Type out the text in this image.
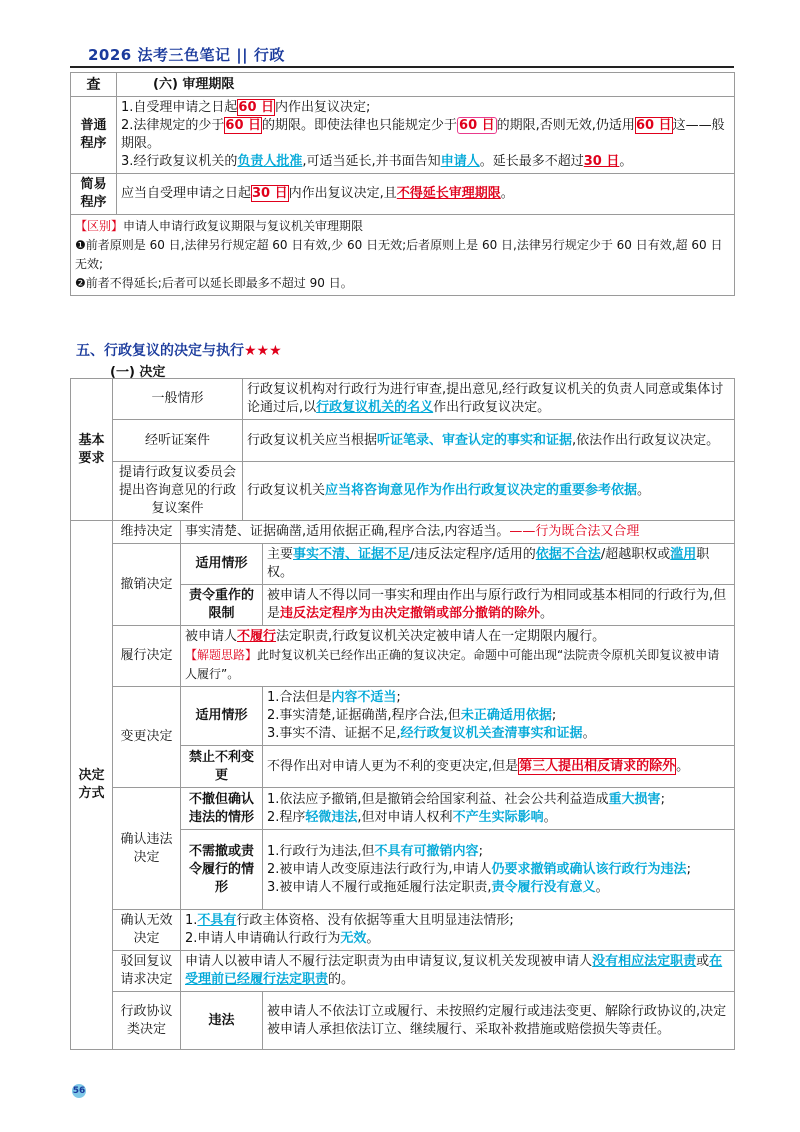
2026 法考三色笔记 || 行政
查	(六) 审理期限
普通程序	1.自受理申请之日起60 日内作出复议决定;
2.法律规定的少于60 日的期限。即使法律也只能规定少于 60 日 的期限,否则无效,仍适用60 日这——般期限。
3.经行政复议机关的负责人批准,可适当延长,并书面告知申请人。延长最多不超过30 日。

简易程序	应当自受理申请之日起30 日内作出复议决定,且不得延长审理期限。

【区别】申请人申请行政复议期限与复议机关审理期限
❶前者原则是 60 日,法律另行规定超 60 日有效,少 60 日无效;后者原则上是 60 日,法律另行规定少于 60 日有效,超 60 日无效;
❷前者不得延长;后者可以延长即最多不超过 90 日。	
五、行政复议的决定与执行★★★
(一) 决定
基本要求	一般情形	行政复议机构对行政行为进行审查,提出意见,经行政复议机关的负责人同意或集体讨论通过后,以行政复议机关的名义作出行政复议决定。
	经听证案件	行政复议机关应当根据听证笔录、审查认定的事实和证据,依法作出行政复议决定。
	提请行政复议委员会提出咨询意见的行政复议案件	行政复议机关应当将咨询意见作为作出行政复议决定的重要参考依据。
决定方式	维持决定	事实清楚、证据确凿,适用依据正确,程序合法,内容适当。——行为既合法又合理	
	撤销决定	适用情形	主要事实不清、证据不足/违反法定程序/适用的依据不合法/超越职权或滥用职权。
		责令重作的限制	被申请人不得以同一事实和理由作出与原行政行为相同或基本相同的行政行为,但是违反法定程序为由决定撤销或部分撤销的除外。
	履行决定	被申请人不履行法定职责,行政复议机关决定被申请人在一定期限内履行。
【解题思路】此时复议机关已经作出正确的复议决定。命题中可能出现“法院责令原机关即复议被申请人履行”。	

	变更决定	适用情形	1.合法但是内容不适当;
2.事实清楚,证据确凿,程序合法,但未正确适用依据;
3.事实不清、证据不足,经行政复议机关查清事实和证据。

		禁止不利变更	不得作出对申请人更为不利的变更决定,但是第三人提出相反请求的除外。
	确认违法决定	不撤但确认违法的情形	1.依法应予撤销,但是撤销会给国家利益、社会公共利益造成重大损害;
2.程序轻微违法,但对申请人权利不产生实际影响。

		不需撤或责令履行的情形	1.行政行为违法,但不具有可撤销内容;
2.被申请人改变原违法行政行为,申请人仍要求撤销或确认该行政行为违法;
3.被申请人不履行或拖延履行法定职责,责令履行没有意义。

	确认无效决定	1.不具有行政主体资格、没有依据等重大且明显违法情形;
2.申请人申请确认行政行为无效。	

	驳回复议请求决定	申请人以被申请人不履行法定职责为由申请复议,复议机关发现被申请人没有相应法定职责或在受理前已经履行法定职责的。	
	行政协议类决定	违法	被申请人不依法订立或履行、未按照约定履行或违法变更、解除行政协议的,决定被申请人承担依法订立、继续履行、采取补救措施或赔偿损失等责任。
56
